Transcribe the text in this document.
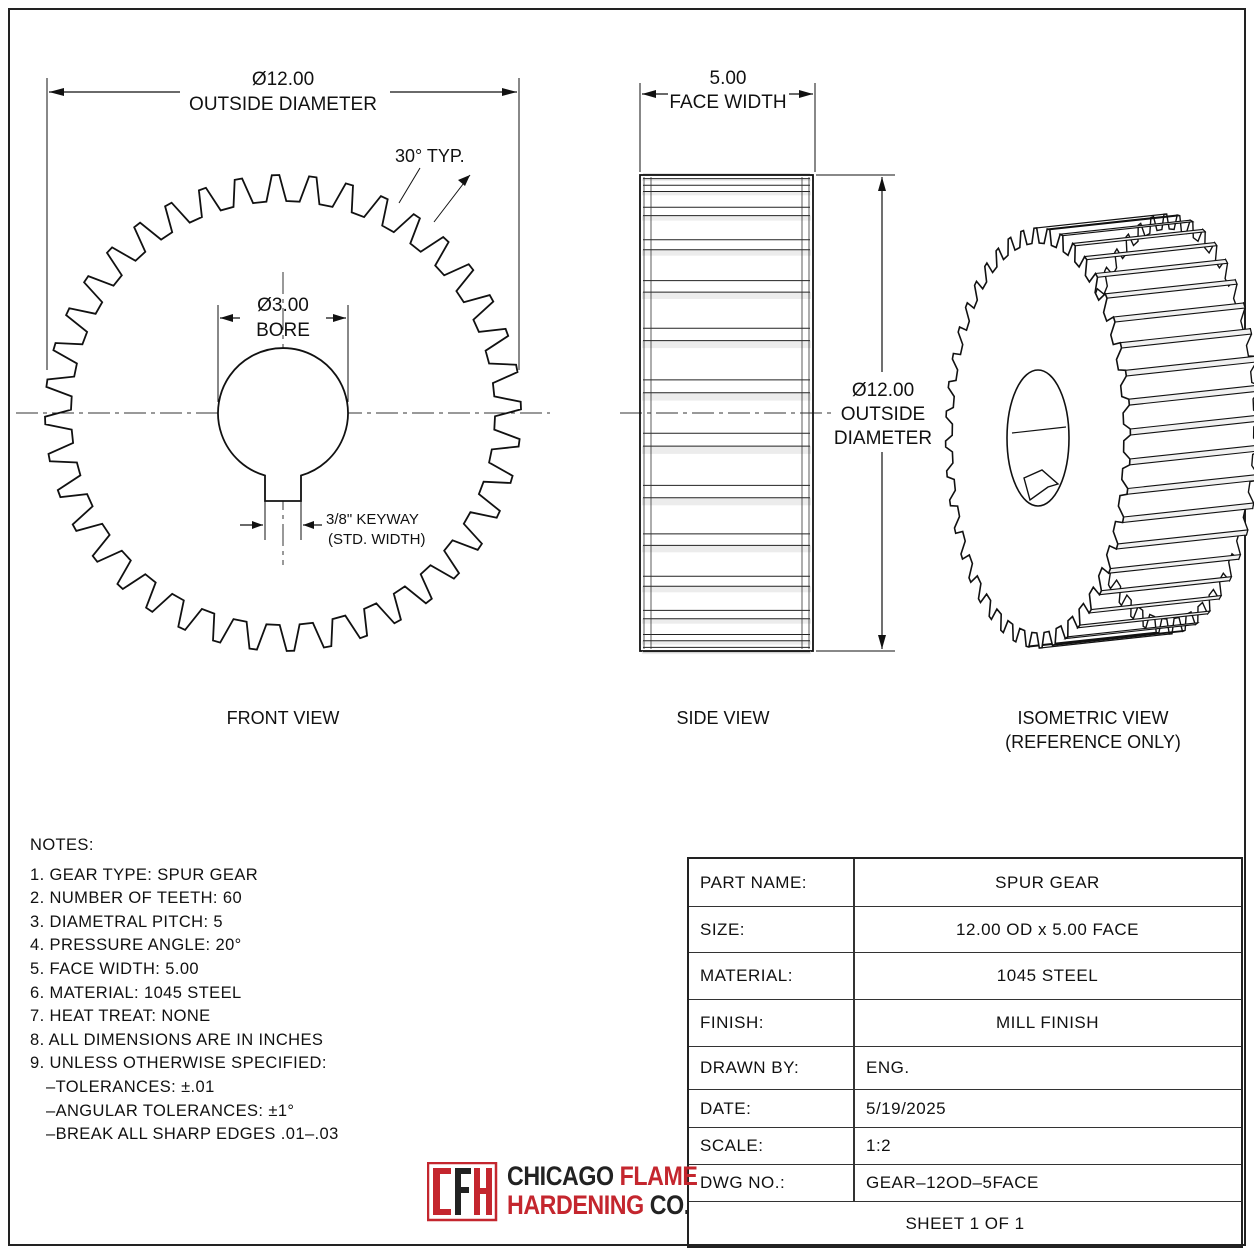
Ø12.00
OUTSIDE DIAMETER
30° TYP.
Ø3.00
BORE
3/8" KEYWAY
(STD. WIDTH)
FRONT VIEW
5.00
FACE WIDTH
Ø12.00
OUTSIDE
DIAMETER
SIDE VIEW	ISOMETRIC VIEW
(REFERENCE ONLY)
NOTES:
1. GEAR TYPE: SPUR GEAR
2. NUMBER OF TEETH: 60
3. DIAMETRAL PITCH: 5
4. PRESSURE ANGLE: 20°
5. FACE WIDTH: 5.00
6. MATERIAL: 1045 STEEL
7. HEAT TREAT: NONE
8. ALL DIMENSIONS ARE IN INCHES
9. UNLESS OTHERWISE SPECIFIED:
–TOLERANCES: ±.01
–ANGULAR TOLERANCES: ±1°
–BREAK ALL SHARP EDGES .01–.03
PART NAME:	SPUR GEAR
SIZE:	12.00 OD x 5.00 FACE
MATERIAL:	1045 STEEL
FINISH:	MILL FINISH
DRAWN BY:	ENG.
DATE:	5/19/2025
SCALE:	1:2
DWG NO.:	GEAR–12OD–5FACE
SHEET 1 OF 1
CHICAGO FLAME
HARDENING CO.
